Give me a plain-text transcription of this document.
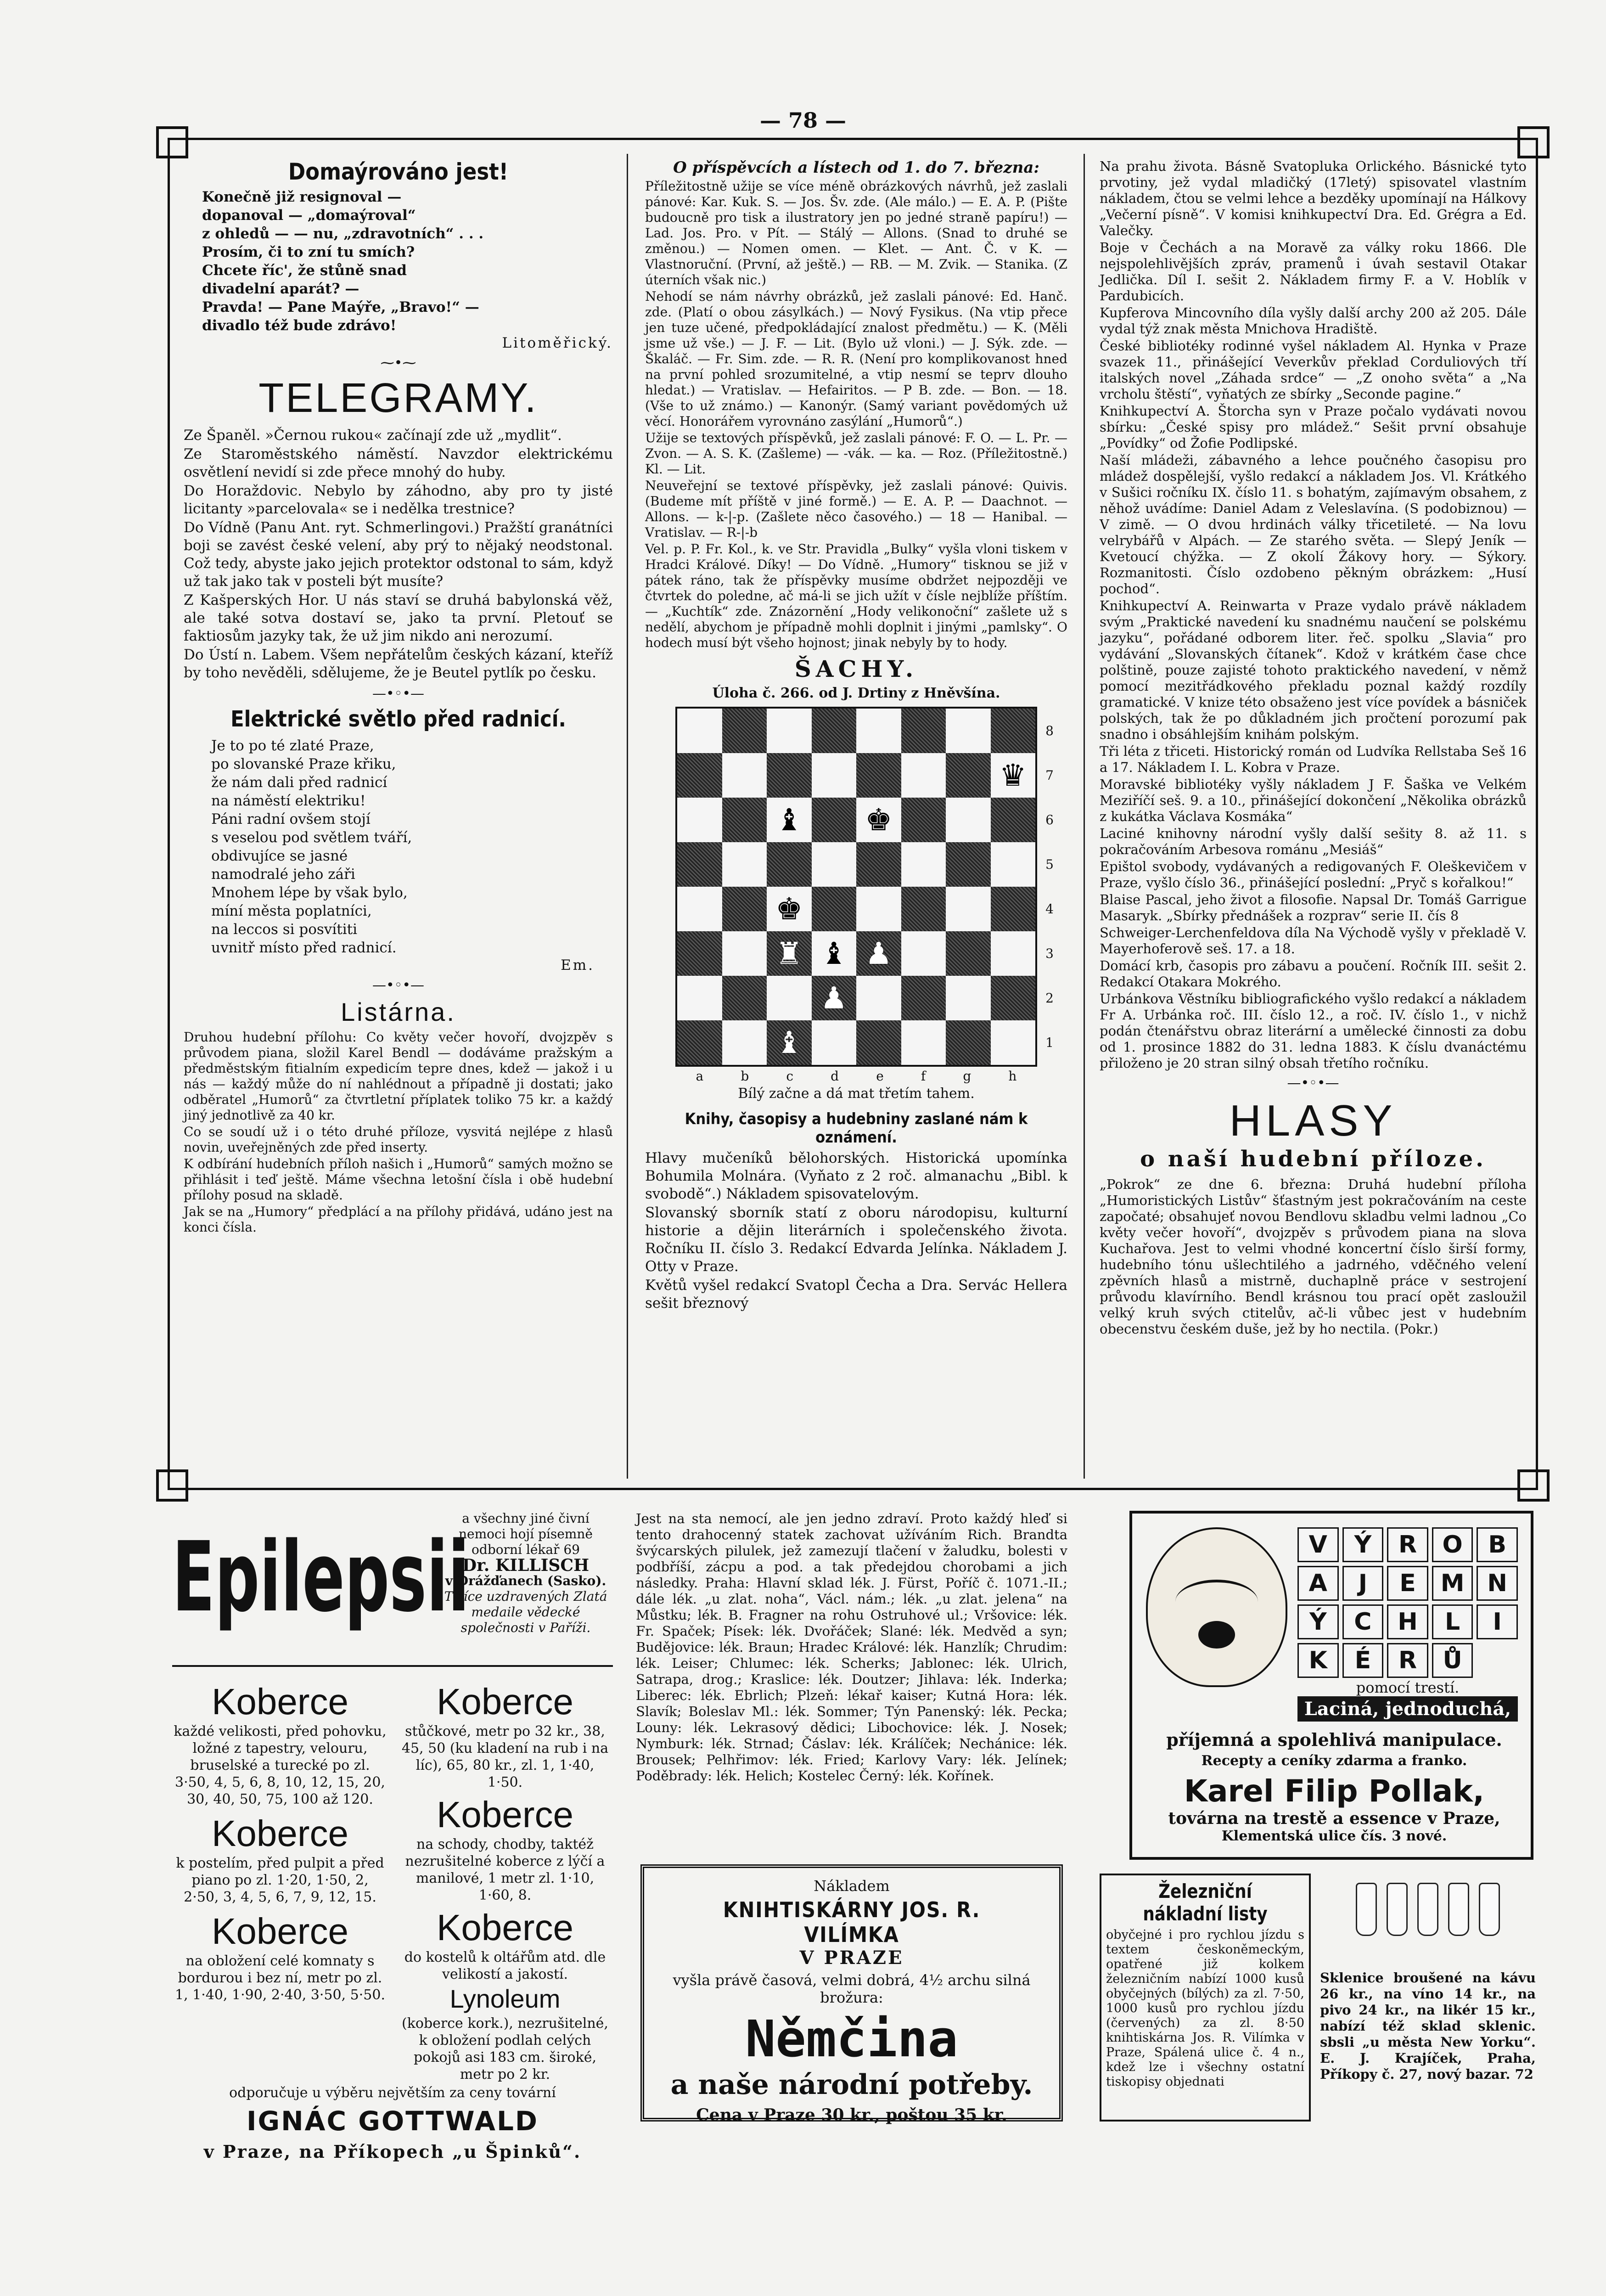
— 78 —
Domaýrováno jest!
Konečně již resignoval —
dopanoval — „domaýroval“
z ohledů — — nu, „zdravotních“ . . .
Prosím, či to zní tu smích?
Chcete říc', že stůně snad
divadelní aparát? —
Pravda! — Pane Maýře, „Bravo!“ —
divadlo též bude zdrávo!
Litoměřický.
⁓•⁓
TELEGRAMY.

Ze Španěl. »Černou rukou« začínají zde už „mydlit“.

Ze Staroměstského náměstí. Navzdor elektrickému osvětlení nevidí si zde přece mnohý do huby.

Do Horaždovic. Nebylo by záhodno, aby pro ty jisté licitanty »parcelovala« se i nedělka trestnice?

Do Vídně (Panu Ant. ryt. Schmerlingovi.) Pražští granátníci boji se zavést české velení, aby prý to nějaký neodstonal. Což tedy, abyste jako jejich protektor odstonal to sám, když už tak jako tak v posteli být musíte?

Z Kašperských Hor. U nás staví se druhá babylonská věž, ale také sotva dostaví se, jako ta první. Pletouť se faktiosům jazyky tak, že už jim nikdo ani nerozumí.

Do Ústí n. Labem. Všem nepřátelům českých kázaní, kteříž by toho nevěděli, sdělujeme, že je Beutel pytlík po česku.

—•◦•—
Elektrické světlo před radnicí.
Je to po té zlaté Praze,
po slovanské Praze křiku,
že nám dali před radnicí
na náměstí elektriku!
Páni radní ovšem stojí
s veselou pod světlem tváří,
obdivujíce se jasné
namodralé jeho záři
Mnohem lépe by však bylo,
míní města poplatníci,
na leccos si posvítiti
uvnitř místo před radnicí.
Em.
—•◦•—
Listárna.

Druhou hudební přílohu: Co květy večer hovoří, dvojzpěv s průvodem piana, složil Karel Bendl — dodáváme pražským a předměstským fitialním expedicím tepre dnes, kdež — jakož i u nás — každý může do ní nahlédnout a případně ji dostati; jako odběratel „Humorů“ za čtvrtletní příplatek toliko 75 kr. a každý jiný jednotlivě za 40 kr.

Co se soudí už i o této druhé příloze, vysvitá nejlépe z hlasů novin, uveřejněných zde před inserty.

K odbírání hudebních příloh našich i „Humorů“ samých možno se přihlásit i teď ještě. Máme všechna letošní čísla i obě hudební přílohy posud na skladě.

Jak se na „Humory“ předplácí a na přílohy přidává, udáno jest na konci čísla.

O příspěvcích a lístech od 1. do 7. března:

Příležitostně užije se více méně obrázkových návrhů, jež zaslali pánové: Kar. Kuk. S. — Jos. Šv. zde. (Ale málo.) — E. A. P. (Pište budoucně pro tisk a ilustratory jen po jedné straně papíru!) — Lad. Jos. Pro. v Pít. — Stálý — Allons. (Snad to druhé se změnou.) — Nomen omen. — Klet. — Ant. Č. v K. — Vlastnoruční. (První, až ještě.) — RB. — M. Zvik. — Stanika. (Z úterních však nic.)

Nehodí se nám návrhy obrázků, jež zaslali pánové: Ed. Hanč. zde. (Platí o obou zásylkách.) — Nový Fysikus. (Na vtip přece jen tuze učené, předpokládající znalost předmětu.) — K. (Měli jsme už vše.) — J. F. — Lit. (Bylo už vloni.) — J. Sýk. zde. — Škaláč. — Fr. Sim. zde. — R. R. (Není pro komplikovanost hned na první pohled srozumitelné, a vtip nesmí se teprv dlouho hledat.) — Vratislav. — Hefairitos. — P B. zde. — Bon. — 18. (Vše to už známo.) — Kanonýr. (Samý variant povědomých už věcí. Honorářem vyrovnáno zasýlání „Humorů“.)

Užije se textových příspěvků, jež zaslali pánové: F. O. — L. Pr. — Zvon. — A. S. K. (Zašleme) — -vák. — ka. — Roz. (Příležitostně.) Kl. — Lit.

Neuveřejní se textové příspěvky, jež zaslali pánové: Quivis. (Budeme mít příště v jiné formě.) — E. A. P. — Daachnot. — Allons. — k-|-p. (Zašlete něco časového.) — 18 — Hanibal. — Vratislav. — R-|-b

Vel. p. P. Fr. Kol., k. ve Str. Pravidla „Bulky“ vyšla vloni tiskem v Hradci Králové. Díky! — Do Vídně. „Humory“ tisknou se již v pátek ráno, tak že příspěvky musíme obdržet nejpozději ve čtvrtek do poledne, ač má-li se jich užít v čísle nejblíže příštím. — „Kuchtík“ zde. Znázornění „Hody velikonoční“ zašlete už s nedělí, abychom je případně mohli doplnit i jinými „pamlsky“. O hodech musí být všeho hojnost; jinak nebyly by to hody.

ŠACHY.
Úloha č. 266. od J. Drtiny z Hněvšína.
8
7
6
5
4
3
2
1
♛
♝ ♚
♚
♜ ♝ ♟
♟
♝
a	b	c	d	e	f	g	h
Bílý začne a dá mat třetím tahem.
Knihy, časopisy a hudebniny zaslané nám k oznámení.

Hlavy mučeníků bělohorských. Historická upomínka Bohumila Molnára. (Vyňato z 2 roč. almanachu „Bibl. k svobodě“.) Nákladem spisovatelovým.

Slovanský sborník statí z oboru národopisu, kulturní historie a dějin literárních i společenského života. Ročníku II. číslo 3. Redakcí Edvarda Jelínka. Nákladem J. Otty v Praze.

Květů vyšel redakcí Svatopl Čecha a Dra. Servác Hellera sešit březnový

Na prahu života. Básně Svatopluka Orlického. Básnické tyto prvotiny, jež vydal mladičký (17letý) spisovatel vlastním nákladem, čtou se velmi lehce a bezděky upomínají na Hálkovy „Večerní písně“. V komisi knihkupectví Dra. Ed. Grégra a Ed. Valečky.

Boje v Čechách a na Moravě za války roku 1866. Dle nejspolehlivějších zpráv, pramenů i úvah sestavil Otakar Jedlička. Díl I. sešit 2. Nákladem firmy F. a V. Hoblík v Pardubicích.

Kupferova Mincovního díla vyšly další archy 200 až 205. Dále vydal týž znak města Mnichova Hradiště.

České bibliotéky rodinné vyšel nákladem Al. Hynka v Praze svazek 11., přinášející Veverkův překlad Corduliových tří italských novel „Záhada srdce“ — „Z onoho světa“ a „Na vrcholu štěstí“, vyňatých ze sbírky „Seconde pagine.“

Knihkupectví A. Štorcha syn v Praze počalo vydávati novou sbírku: „České spisy pro mládež.“ Sešit první obsahuje „Povídky“ od Žofie Podlipské.

Naší mládeži, zábavného a lehce poučného časopisu pro mládež dospělejší, vyšlo redakcí a nákladem Jos. Vl. Krátkého v Sušici ročníku IX. číslo 11. s bohatým, zajímavým obsahem, z něhož uvádíme: Daniel Adam z Veleslavína. (S podobiznou) — V zimě. — O dvou hrdinách války třicetileté. — Na lovu velrybářů v Alpách. — Ze starého světa. — Slepý Jeník — Kvetoucí chýžka. — Z okolí Žákovy hory. — Sýkory. Rozmanitosti. Číslo ozdobeno pěkným obrázkem: „Husí pochod“.

Knihkupectví A. Reinwarta v Praze vydalo právě nákladem svým „Praktické navedení ku snadnému naučení se polskému jazyku“, pořádané odborem liter. řeč. spolku „Slavia“ pro vydávání „Slovanských čítanek“. Kdož v krátkém čase chce polštině, pouze zajisté tohoto praktického navedení, v němž pomocí mezitřádkového překladu poznal každý rozdíly gramatické. V knize této obsaženo jest více povídek a básniček polských, tak že po důkladném jich pročtení porozumí pak snadno i obsáhlejším knihám polským.

Tři léta z třiceti. Historický román od Ludvíka Rellstaba Seš 16 a 17. Nákladem I. L. Kobra v Praze.

Moravské bibliotéky vyšly nákladem J F. Šaška ve Velkém Meziříčí seš. 9. a 10., přinášející dokončení „Několika obrázků z kukátka Václava Kosmáka“

Laciné knihovny národní vyšly další sešity 8. až 11. s pokračováním Arbesova románu „Mesiáš“

Epištol svobody, vydávaných a redigovaných F. Oleškevičem v Praze, vyšlo číslo 36., přinášející poslední: „Pryč s kořalkou!“

Blaise Pascal, jeho život a filosofie. Napsal Dr. Tomáš Garrigue Masaryk. „Sbírky přednášek a rozprav“ serie II. čís 8

Schweiger-Lerchenfeldova díla Na Východě vyšly v překladě V. Mayerhoferově seš. 17. a 18.

Domácí krb, časopis pro zábavu a poučení. Ročník III. sešit 2. Redakcí Otakara Mokrého.

Urbánkova Věstníku bibliografického vyšlo redakcí a nákladem Fr A. Urbánka roč. III. číslo 12., a roč. IV. číslo 1., v nichž podán čtenářstvu obraz literární a umělecké činnosti za dobu od 1. prosince 1882 do 31. ledna 1883. K číslu dvanáctému přiloženo je 20 stran silný obsah třetího ročníku.

—•◦•—
HLASY
o naší hudební příloze.

„Pokrok“ ze dne 6. března: Druhá hudební příloha „Humoristických Listův“ šťastným jest pokračováním na ceste započaté; obsahujeť novou Bendlovu skladbu velmi ladnou „Co květy večer hovoří“, dvojzpěv s průvodem piana na slova Kuchařova. Jest to velmi vhodné koncertní číslo širší formy, hudebního tónu ušlechtilého a jadrného, vděčného velení zpěvních hlasů a mistrně, duchaplně práce v sestrojení průvodu klavírního. Bendl krásnou tou prací opět zasloužil velký kruh svých ctitelův, ač-li vůbec jest v hudebním obecenstvu českém duše, jež by ho nectila. (Pokr.)

Epilepsii
a všechny jiné čivní nemoci hojí písemně odborní lékař 69
Dr. KILLISCH
v Drážďanech (Sasko).
Tisíce uzdravených Zlatá medaile vědecké společnosti v Paříži.
Koberce

každé velikosti, před pohovku, ložné z tapestry, velouru, bruselské a turecké po zl. 3·50, 4, 5, 6, 8, 10, 12, 15, 20, 30, 40, 50, 75, 100 až 120.

Koberce

k postelím, před pulpit a před piano po zl. 1·20, 1·50, 2, 2·50, 3, 4, 5, 6, 7, 9, 12, 15.

Koberce

na obložení celé komnaty s bordurou i bez ní, metr po zl. 1, 1·40, 1·90, 2·40, 3·50, 5·50.

Koberce

stůčkové, metr po 32 kr., 38, 45, 50 (ku kladení na rub i na líc), 65, 80 kr., zl. 1, 1·40, 1·50.

Koberce

na schody, chodby, taktéž nezrušitelné koberce z lýčí a manilové, 1 metr zl. 1·10, 1·60, 8.

Koberce

do kostelů k oltářům atd. dle velikostí a jakostí.

Lynoleum

(koberce kork.), nezrušitelné, k obložení podlah celých pokojů asi 183 cm. široké, metr po 2 kr.

odporučuje u výběru největším za ceny tovární
IGNÁC GOTTWALD
v Praze, na Příkopech „u Špinků“.
Jest na sta nemocí, ale jen jedno zdraví. Proto každý hleď si tento drahocenný statek zachovat užíváním Rich. Brandta švýcarských pilulek, jež zamezují tlačení v žaludku, bolesti v podbříší, zácpu a pod. a tak předejdou chorobami a jich následky. Praha: Hlavní sklad lék. J. Fürst, Poříč č. 1071.-II.; dále lék. „u zlat. noha“, Václ. nám.; lék. „u zlat. jelena“ na Můstku; lék. B. Fragner na rohu Ostruhové ul.; Vršovice: lék. Fr. Spaček; Písek: lék. Dvořáček; Slané: lék. Medvěd a syn; Budějovice: lék. Braun; Hradec Králové: lék. Hanzlík; Chrudim: lék. Leiser; Chlumec: lék. Scherks; Jablonec: lék. Ulrich, Satrapa, drog.; Kraslice: lék. Doutzer; Jihlava: lék. Inderka; Liberec: lék. Ebrlich; Plzeň: lékař kaiser; Kutná Hora: lék. Slavík; Boleslav Ml.: lék. Sommer; Týn Panenský: lék. Pecka; Louny: lék. Lekrasový dědici; Libochovice: lék. J. Nosek; Nymburk: lék. Strnad; Čáslav: lék. Králíček; Nechánice: lék. Brousek; Pelhřimov: lék. Fried; Karlovy Vary: lék. Jelínek; Poděbrady: lék. Helich; Kostelec Černý: lék. Kořínek.
Nákladem
KNIHTISKÁRNY JOS. R. VILÍMKA
V PRAZE
vyšla právě časová, velmi dobrá, 4½ archu silná brožura:
Němčina
a naše národní potřeby.
Cena v Praze 30 kr., poštou 35 kr.
V	Ý	R	O	B
A	J	E	M N
Ý	C	H	L	I
K	É	R	Ů
pomocí trestí.
Laciná, jednoduchá,
příjemná a spolehlivá manipulace.
Recepty a ceníky zdarma a franko.
Karel Filip Pollak,
továrna na trestě a essence v Praze,
Klementská ulice čís. 3 nové.
Železniční nákladní listy

obyčejné i pro rychlou jízdu s textem českoněmeckým, opatřené již kolkem železničním nabízí 1000 kusů obyčejných (bílých) za zl. 7·50, 1000 kusů pro rychlou jízdu (červených) za zl. 8·50 knihtiskárna Jos. R. Vilímka v Praze, Spálená ulice č. 4 n., kdež lze i všechny ostatní tiskopisy objednati

Sklenice broušené na kávu 26 kr., na víno 14 kr., na pivo 24 kr., na likér 15 kr., nabízí též sklad sklenic. sbsli „u města New Yorku“. E. J. Krajíček, Praha, Příkopy č. 27, nový bazar. 72
